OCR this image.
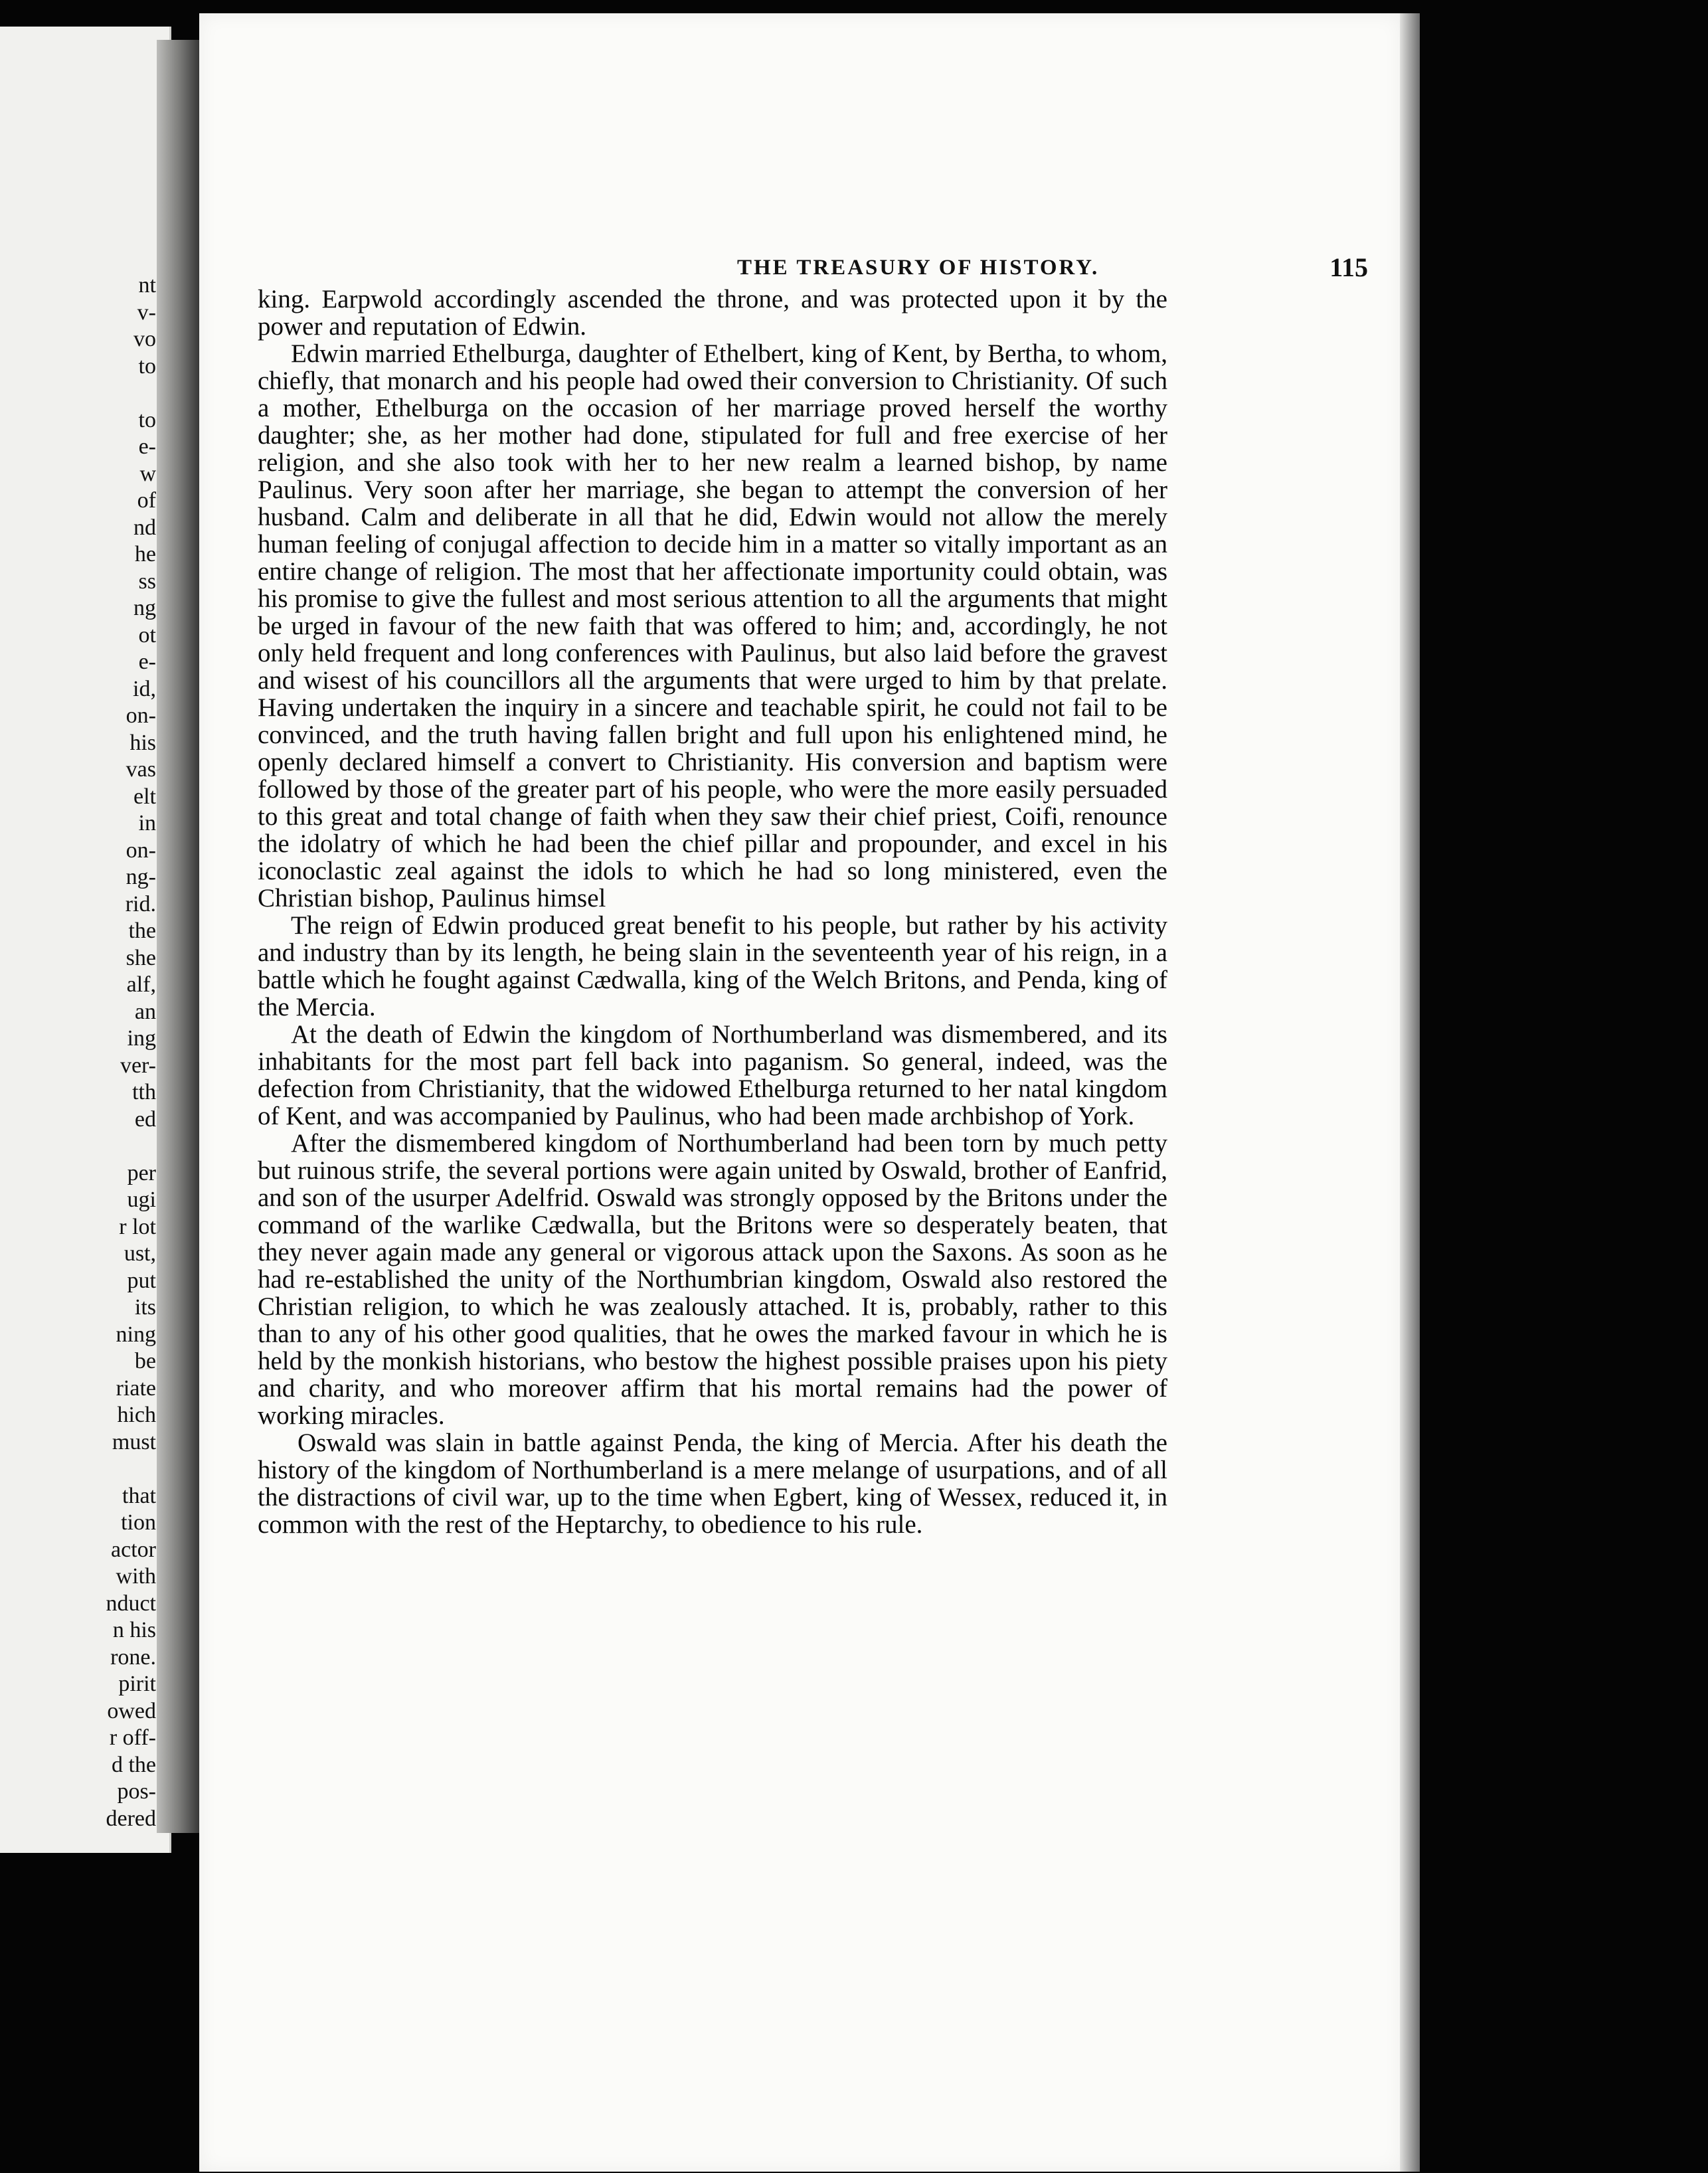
nt
v-
vo
to
to
e-
w
of
nd
he
ss
ng
ot
e-
id,
on-
his
vas
elt
in
on-
ng-
rid.
the
she
alf,
an
ing
ver-
tth
ed
per
ugi
r lot
ust,
put
its
ning
be
riate
hich
must
that
tion
actor
with
nduct
n his
rone.
pirit
owed
r off-
d the
pos-
dered
THE TREASURY OF HISTORY.	115

king. Earpwold accordingly ascended the throne, and was protected upon it by the power and reputation of Edwin.

Edwin married Ethelburga, daughter of Ethelbert, king of Kent, by Bertha, to whom, chiefly, that monarch and his people had owed their conversion to Christianity. Of such a mother, Ethelburga on the occasion of her marriage proved herself the worthy daughter; she, as her mother had done, stipulated for full and free exercise of her religion, and she also took with her to her new realm a learned bishop, by name Paulinus. Very soon after her marriage, she began to attempt the conversion of her husband. Calm and deliberate in all that he did, Edwin would not allow the merely human feeling of conjugal affection to decide him in a matter so vitally important as an entire change of religion. The most that her affectionate importunity could obtain, was his promise to give the fullest and most serious attention to all the arguments that might be urged in favour of the new faith that was offered to him; and, accordingly, he not only held frequent and long conferences with Paulinus, but also laid before the gravest and wisest of his councillors all the arguments that were urged to him by that prelate. Having undertaken the inquiry in a sincere and teachable spirit, he could not fail to be convinced, and the truth having fallen bright and full upon his enlightened mind, he openly declared himself a convert to Christianity. His conversion and baptism were followed by those of the greater part of his people, who were the more easily persuaded to this great and total change of faith when they saw their chief priest, Coifi, renounce the idolatry of which he had been the chief pillar and propounder, and excel in his iconoclastic zeal against the idols to which he had so long ministered, even the Christian bishop, Paulinus himsel

The reign of Edwin produced great benefit to his people, but rather by his activity and industry than by its length, he being slain in the seventeenth year of his reign, in a battle which he fought against Cædwalla, king of the Welch Britons, and Penda, king of the Mercia.

At the death of Edwin the kingdom of Northumberland was dismembered, and its inhabitants for the most part fell back into paganism. So general, indeed, was the defection from Christianity, that the widowed Ethelburga returned to her natal kingdom of Kent, and was accompanied by Paulinus, who had been made archbishop of York.

After the dismembered kingdom of Northumberland had been torn by much petty but ruinous strife, the several portions were again united by Oswald, brother of Eanfrid, and son of the usurper Adelfrid. Oswald was strongly opposed by the Britons under the command of the warlike Cædwalla, but the Britons were so desperately beaten, that they never again made any general or vigorous attack upon the Saxons. As soon as he had re-established the unity of the Northumbrian kingdom, Oswald also restored the Christian religion, to which he was zealously attached. It is, probably, rather to this than to any of his other good qualities, that he owes the marked favour in which he is held by the monkish historians, who bestow the highest possible praises upon his piety and charity, and who moreover affirm that his mortal remains had the power of working miracles.

Oswald was slain in battle against Penda, the king of Mercia. After his death the history of the kingdom of Northumberland is a mere melange of usurpations, and of all the distractions of civil war, up to the time when Egbert, king of Wessex, reduced it, in common with the rest of the Heptarchy, to obedience to his rule.
